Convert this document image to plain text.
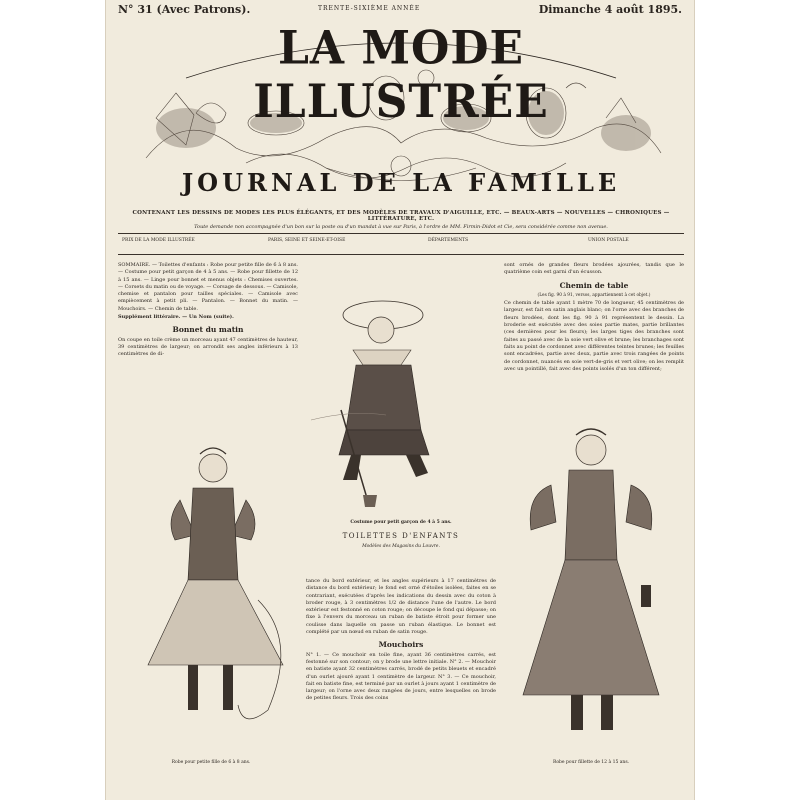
N° 31 (Avec Patrons).	TRENTE-SIXIÈME ANNÉE	Dimanche 4 août 1895.
LA MODE ILLUSTRÉE
JOURNAL DE LA FAMILLE
CONTENANT LES DESSINS DE MODES LES PLUS ÉLÉGANTS, ET DES MODÈLES DE TRAVAUX D'AIGUILLE, ETC. — BEAUX-ARTS — NOUVELLES — CHRONIQUES — LITTÉRATURE, ETC.
Toute demande non accompagnée d'un bon sur la poste ou d'un mandat à vue sur Paris, à l'ordre de MM. Firmin-Didot et Cie, sera considérée comme non avenue.
PRIX DE LA MODE ILLUSTRÉE	PARIS, SEINE ET SEINE-ET-OISE	DÉPARTEMENTS	UNION POSTALE

SOMMAIRE. — Toilettes d'enfants : Robe pour petite fille de 6 à 8 ans. — Costume pour petit garçon de 4 à 5 ans. — Robe pour fillette de 12 à 15 ans. — Linge pour bonnet et menus objets : Chemises ouvertes. — Corsets du matin ou de voyage. — Corsage de dessous. — Camisole, chemise et pantalon pour tailles spéciales. — Camisole avec empiècement à petit pli. — Pantalon. — Bonnet du matin. — Mouchoirs. — Chemin de table.

Supplément littéraire. — Un Nom (suite).

Bonnet du matin

On coupe en toile crème un morceau ayant 47 centimètres de hauteur, 39 centimètres de largeur; on arrondit ses angles inférieurs à 13 centimètres de di-

sont ornés de grandes fleurs brodées ajourées, tandis que le quatrième coin est garni d'un écusson.

Chemin de table

(Les fig. 90 à 91, versos, appartiennent à cet objet.)

Ce chemin de table ayant 1 mètre 70 de longueur, 45 centimètres de largeur, est fait en satin anglais blanc; on l'orne avec des branches de fleurs brodées, dont les fig. 90 à 91 représentent le dessin. La broderie est exécutée avec des soies partie mates, partie brillantes (ces dernières pour les fleurs); les larges tiges des branches sont faites au passé avec de la soie vert olive et brune; les branchages sont faits au point de cordonnet avec différentes teintes brunes; les feuilles sont encadrées, partie avec deux, partie avec trois rangées de points de cordonnet, nuancés en soie vert-de-gris et vert olive; on les remplit avec un pointillé, fait avec des points isolés d'un ton différent;

tance du bord extérieur, et les angles supérieurs à 17 centimètres de distance du bord extérieur; le fond est orné d'étoiles isolées, faites en se contrariant, exécutées d'après les indications du dessin avec du coton à broder rouge, à 3 centimètres 1/2 de distance l'une de l'autre. Le bord extérieur est festonné en coton rouge; on découpe le fond qui dépasse; on fixe à l'envers du morceau un ruban de batiste étroit pour former une coulisse dans laquelle on passe un ruban élastique. Le bonnet est complété par un nœud en ruban de satin rouge.

Mouchoirs

N° 1. — Ce mouchoir en toile fine, ayant 36 centimètres carrés, est festonné sur son contour; on y brode une lettre initiale. N° 2. — Mouchoir en batiste ayant 32 centimètres carrés, brodé de petits bleuets et encadré d'un ourlet ajouré ayant 1 centimètre de largeur. N° 3. — Ce mouchoir, fait en batiste fine, est terminé par un ourlet à jours ayant 1 centimètre de largeur; on l'orne avec deux rangées de jours, entre lesquelles on brode de petites fleurs. Trois des coins

Costume pour petit garçon de 4 à 5 ans.
TOILETTES D'ENFANTS
Modèles des Magasins du Louvre.
Robe pour petite fille de 6 à 8 ans.	Robe pour fillette de 12 à 15 ans.
